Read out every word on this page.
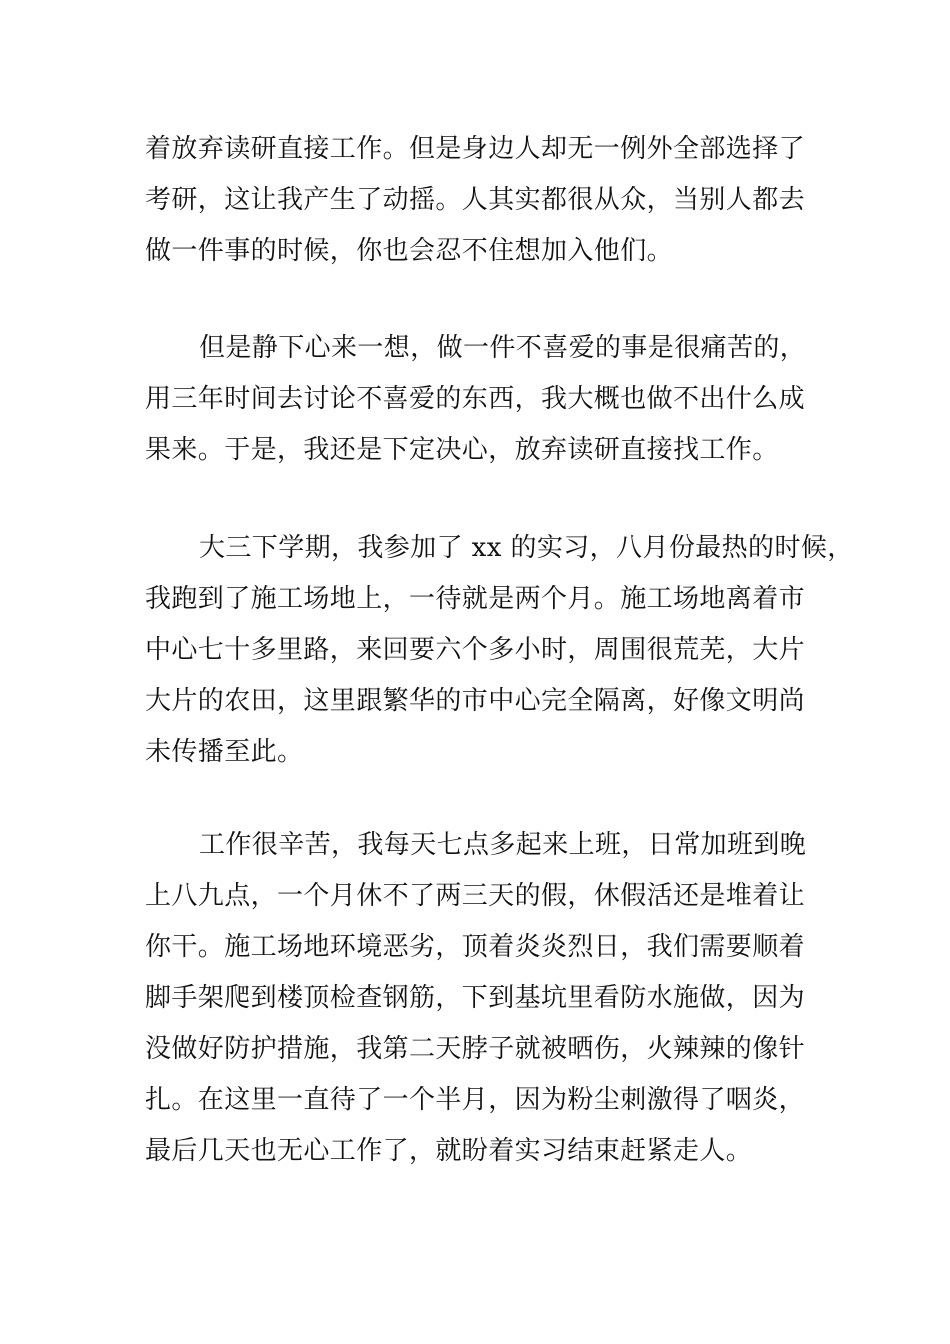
着放弃读研直接工作。但是身边人却无一例外全部选择了
考研，这让我产生了动摇。人其实都很从众，当别人都去
做一件事的时候，你也会忍不住想加入他们。
但是静下心来一想，做一件不喜爱的事是很痛苦的，
用三年时间去讨论不喜爱的东西，我大概也做不出什么成
果来。于是，我还是下定决心，放弃读研直接找工作。
大三下学期，我参加了 xx 的实习，八月份最热的时候，
我跑到了施工场地上，一待就是两个月。施工场地离着市
中心七十多里路，来回要六个多小时，周围很荒芜，大片
大片的农田，这里跟繁华的市中心完全隔离，好像文明尚
未传播至此。
工作很辛苦，我每天七点多起来上班，日常加班到晚
上八九点，一个月休不了两三天的假，休假活还是堆着让
你干。施工场地环境恶劣，顶着炎炎烈日，我们需要顺着
脚手架爬到楼顶检查钢筋，下到基坑里看防水施做，因为
没做好防护措施，我第二天脖子就被晒伤，火辣辣的像针
扎。在这里一直待了一个半月，因为粉尘刺激得了咽炎，
最后几天也无心工作了，就盼着实习结束赶紧走人。
